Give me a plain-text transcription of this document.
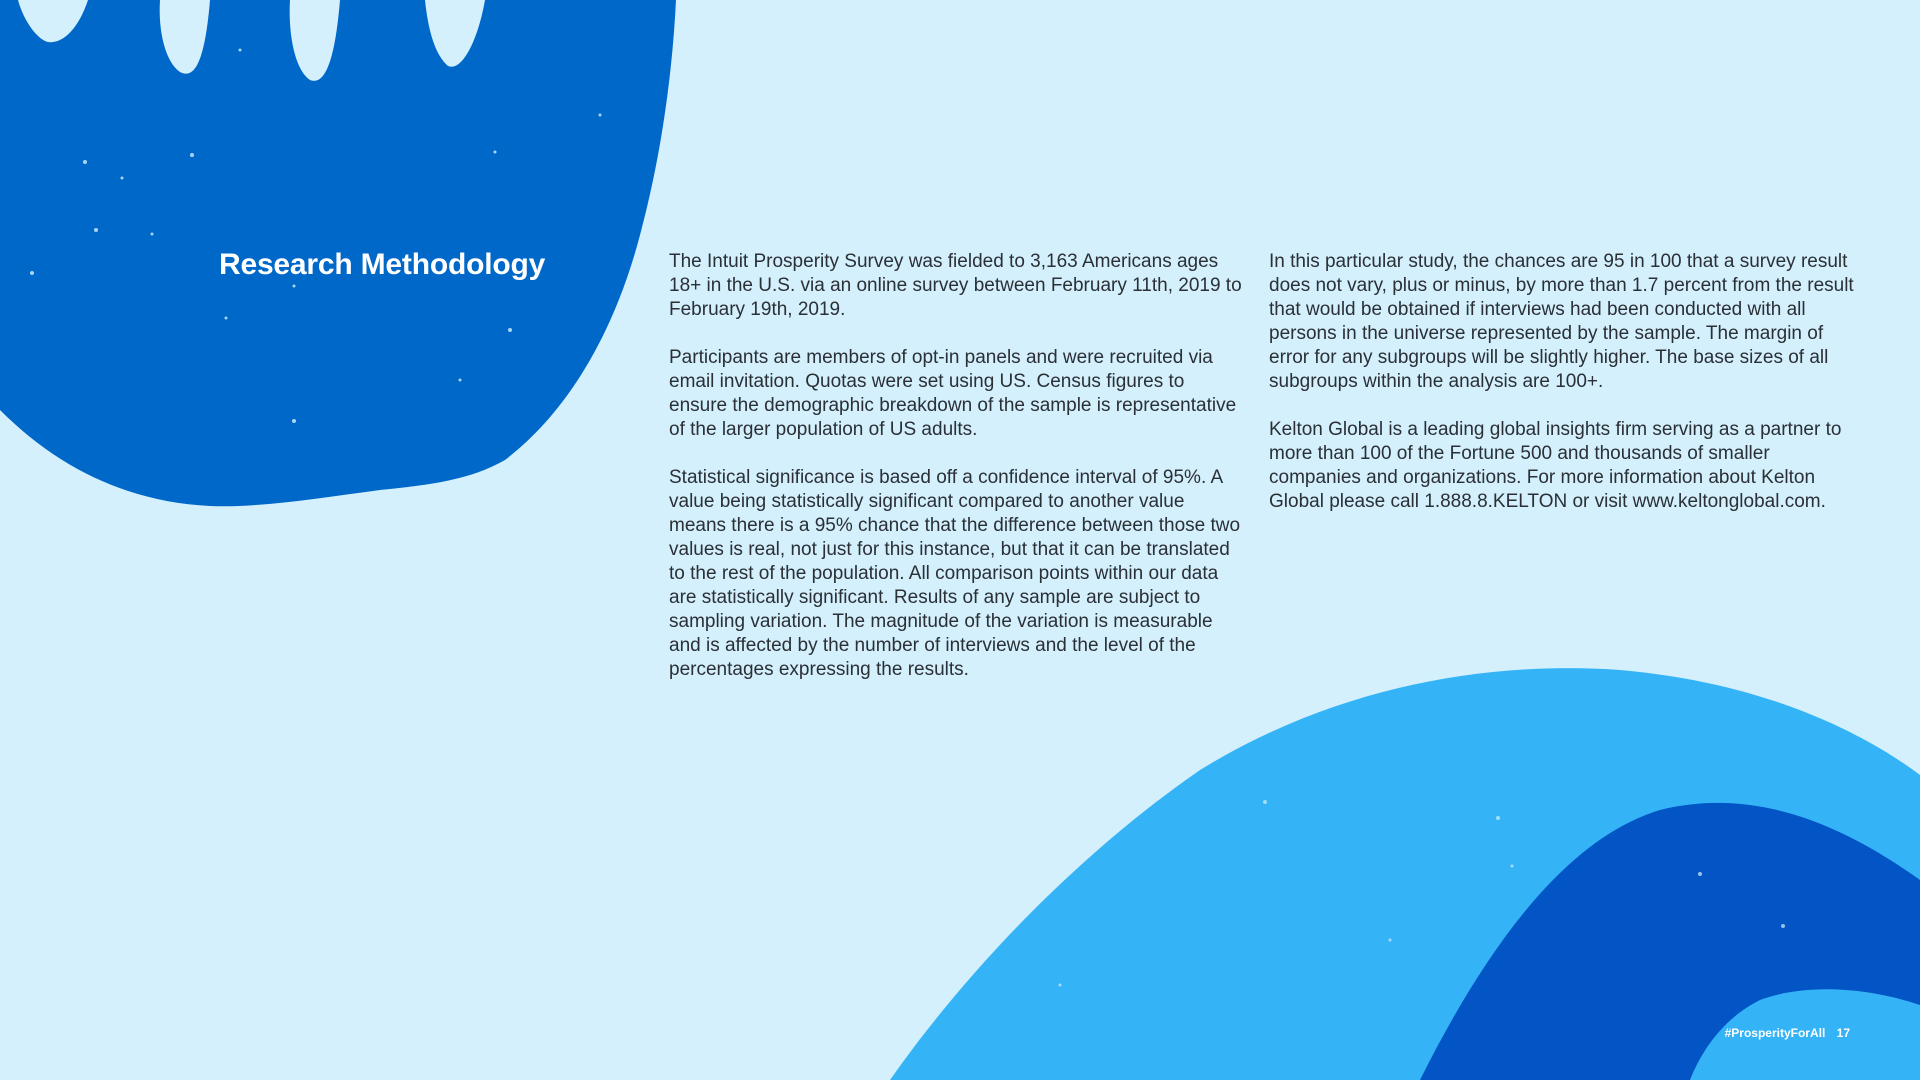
Research Methodology	The Intuit Prosperity Survey was fielded to 3,163 Americans ages 18+ in the U.S. via an online survey between February 11th, 2019 to February 19th, 2019.

Participants are members of opt-in panels and were recruited via email invitation. Quotas were set using US. Census figures to ensure the demographic breakdown of the sample is representative of the larger population of US adults.

Statistical significance is based off a confidence interval of 95%. A value being statistically significant compared to another value means there is a 95% chance that the difference between those two values is real, not just for this instance, but that it can be translated to the rest of the population. All comparison points within our data are statistically significant. Results of any sample are subject to sampling variation. The magnitude of the variation is measurable and is affected by the number of interviews and the level of the percentages expressing the results.

In this particular study, the chances are 95 in 100 that a survey result does not vary, plus or minus, by more than 1.7 percent from the result that would be obtained if interviews had been conducted with all persons in the universe represented by the sample. The margin of error for any subgroups will be slightly higher. The base sizes of all subgroups within the analysis are 100+.

Kelton Global is a leading global insights firm serving as a partner to more than 100 of the Fortune 500 and thousands of smaller companies and organizations. For more information about Kelton Global please call 1.888.8.KELTON or visit www.keltonglobal.com.

#ProsperityForAll 17
